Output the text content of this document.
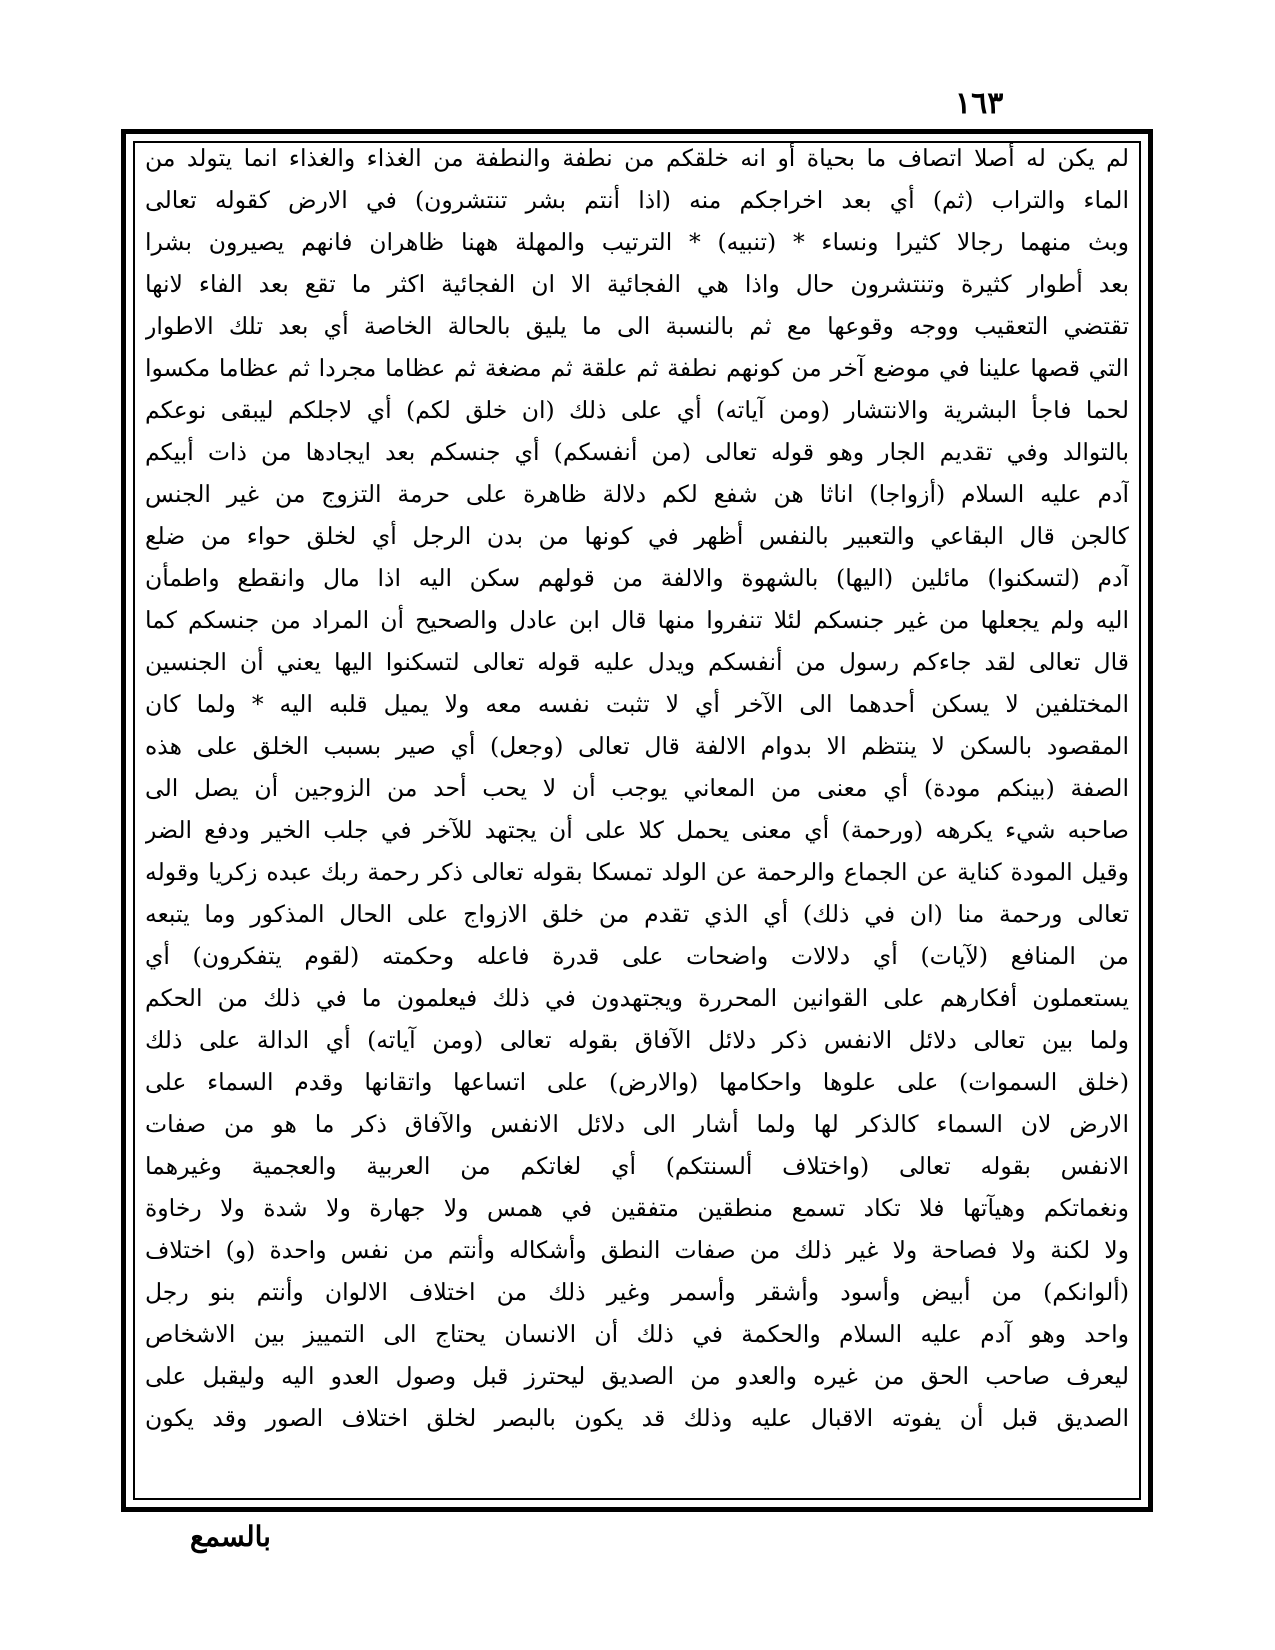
١٦٣
لم يكن له أصلا اتصاف ما بحياة أو انه خلقكم من نطفة والنطفة من الغذاء والغذاء انما يتولد من
الماء والتراب (ثم) أي بعد اخراجكم منه (اذا أنتم بشر تنتشرون) في الارض كقوله تعالى
وبث منهما رجالا كثيرا ونساء * (تنبيه) * الترتيب والمهلة ههنا ظاهران فانهم يصيرون بشرا
بعد أطوار كثيرة وتنتشرون حال واذا هي الفجائية الا ان الفجائية اكثر ما تقع بعد الفاء لانها
تقتضي التعقيب ووجه وقوعها مع ثم بالنسبة الى ما يليق بالحالة الخاصة أي بعد تلك الاطوار
التي قصها علينا في موضع آخر من كونهم نطفة ثم علقة ثم مضغة ثم عظاما مجردا ثم عظاما مكسوا
لحما فاجأ البشرية والانتشار (ومن آياته) أي على ذلك (ان خلق لكم) أي لاجلكم ليبقى نوعكم
بالتوالد وفي تقديم الجار وهو قوله تعالى (من أنفسكم) أي جنسكم بعد ايجادها من ذات أبيكم
آدم عليه السلام (أزواجا) اناثا هن شفع لكم دلالة ظاهرة على حرمة التزوج من غير الجنس
كالجن قال البقاعي والتعبير بالنفس أظهر في كونها من بدن الرجل أي لخلق حواء من ضلع
آدم (لتسكنوا) مائلين (اليها) بالشهوة والالفة من قولهم سكن اليه اذا مال وانقطع واطمأن
اليه ولم يجعلها من غير جنسكم لئلا تنفروا منها قال ابن عادل والصحيح أن المراد من جنسكم كما
قال تعالى لقد جاءكم رسول من أنفسكم ويدل عليه قوله تعالى لتسكنوا اليها يعني أن الجنسين
المختلفين لا يسكن أحدهما الى الآخر أي لا تثبت نفسه معه ولا يميل قلبه اليه * ولما كان
المقصود بالسكن لا ينتظم الا بدوام الالفة قال تعالى (وجعل) أي صير بسبب الخلق على هذه
الصفة (بينكم مودة) أي معنى من المعاني يوجب أن لا يحب أحد من الزوجين أن يصل الى
صاحبه شيء يكرهه (ورحمة) أي معنى يحمل كلا على أن يجتهد للآخر في جلب الخير ودفع الضر
وقيل المودة كناية عن الجماع والرحمة عن الولد تمسكا بقوله تعالى ذكر رحمة ربك عبده زكريا وقوله
تعالى ورحمة منا (ان في ذلك) أي الذي تقدم من خلق الازواج على الحال المذكور وما يتبعه
من المنافع (لآيات) أي دلالات واضحات على قدرة فاعله وحكمته (لقوم يتفكرون) أي
يستعملون أفكارهم على القوانين المحررة ويجتهدون في ذلك فيعلمون ما في ذلك من الحكم
ولما بين تعالى دلائل الانفس ذكر دلائل الآفاق بقوله تعالى (ومن آياته) أي الدالة على ذلك
(خلق السموات) على علوها واحكامها (والارض) على اتساعها واتقانها وقدم السماء على
الارض لان السماء كالذكر لها ولما أشار الى دلائل الانفس والآفاق ذكر ما هو من صفات
الانفس بقوله تعالى (واختلاف ألسنتكم) أي لغاتكم من العربية والعجمية وغيرهما
ونغماتكم وهيآتها فلا تكاد تسمع منطقين متفقين في همس ولا جهارة ولا شدة ولا رخاوة
ولا لكنة ولا فصاحة ولا غير ذلك من صفات النطق وأشكاله وأنتم من نفس واحدة (و) اختلاف
(ألوانكم) من أبيض وأسود وأشقر وأسمر وغير ذلك من اختلاف الالوان وأنتم بنو رجل
واحد وهو آدم عليه السلام والحكمة في ذلك أن الانسان يحتاج الى التمييز بين الاشخاص
ليعرف صاحب الحق من غيره والعدو من الصديق ليحترز قبل وصول العدو اليه وليقبل على
الصديق قبل أن يفوته الاقبال عليه وذلك قد يكون بالبصر لخلق اختلاف الصور وقد يكون
بالسمع
